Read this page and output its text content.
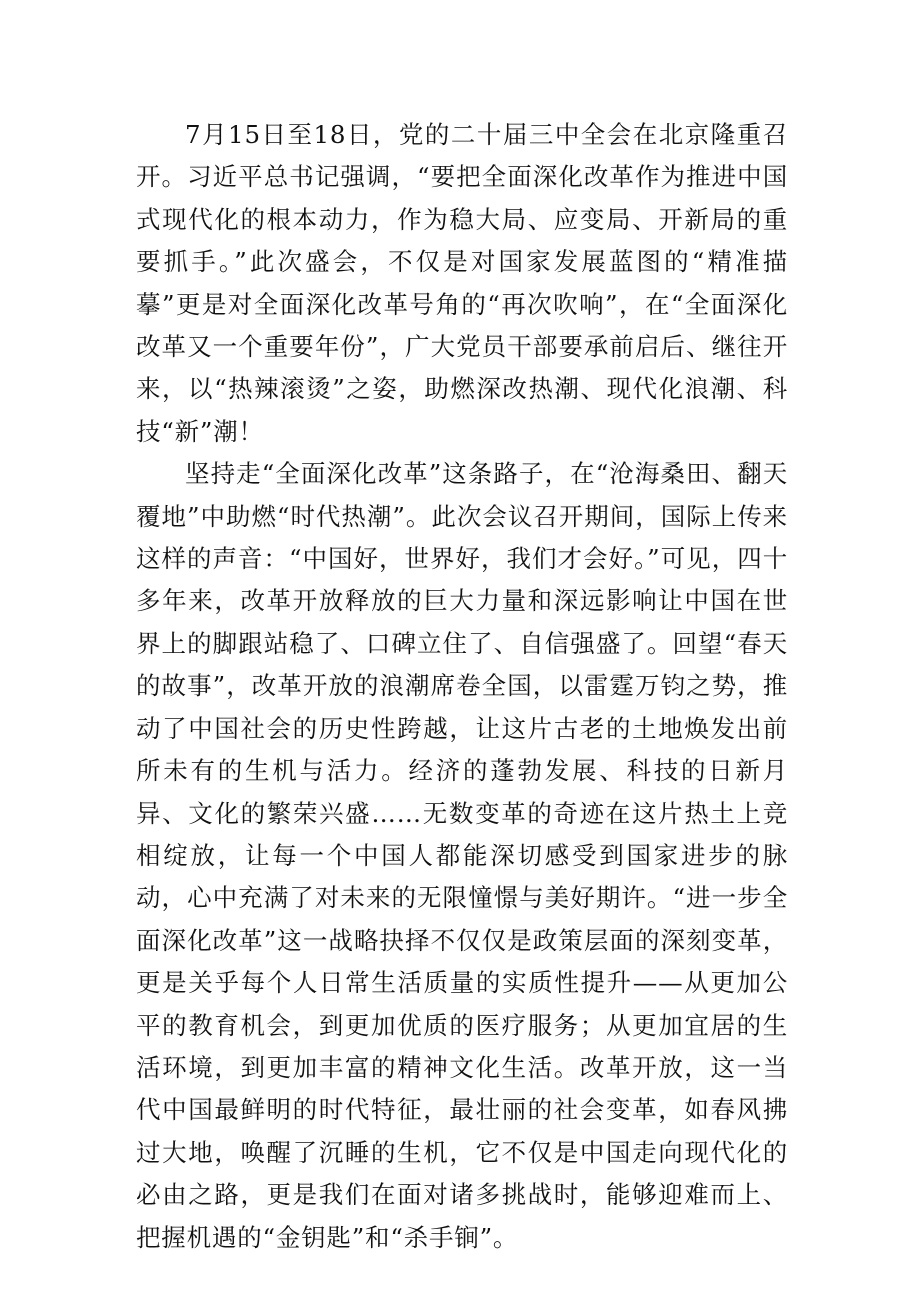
7月15日至18日，党的二十届三中全会在北京隆重召开。习近平总书记强调，“要把全面深化改革作为推进中国式现代化的根本动力，作为稳大局、应变局、开新局的重要抓手。”此次盛会，不仅是对国家发展蓝图的“精准描摹”更是对全面深化改革号角的“再次吹响”，在“全面深化改革又一个重要年份”，广大党员干部要承前启后、继往开来，以“热辣滚烫”之姿，助燃深改热潮、现代化浪潮、科技“新”潮！

坚持走“全面深化改革”这条路子，在“沧海桑田、翻天覆地”中助燃“时代热潮”。此次会议召开期间，国际上传来这样的声音：“中国好，世界好，我们才会好。”可见，四十多年来，改革开放释放的巨大力量和深远影响让中国在世界上的脚跟站稳了、口碑立住了、自信强盛了。回望“春天的故事”，改革开放的浪潮席卷全国，以雷霆万钧之势，推动了中国社会的历史性跨越，让这片古老的土地焕发出前所未有的生机与活力。经济的蓬勃发展、科技的日新月异、文化的繁荣兴盛……无数变革的奇迹在这片热土上竞相绽放，让每一个中国人都能深切感受到国家进步的脉动，心中充满了对未来的无限憧憬与美好期许。“进一步全面深化改革”这一战略抉择不仅仅是政策层面的深刻变革，更是关乎每个人日常生活质量的实质性提升——从更加公平的教育机会，到更加优质的医疗服务；从更加宜居的生活环境，到更加丰富的精神文化生活。改革开放，这一当代中国最鲜明的时代特征，最壮丽的社会变革，如春风拂过大地，唤醒了沉睡的生机，它不仅是中国走向现代化的必由之路，更是我们在面对诸多挑战时，能够迎难而上、把握机遇的“金钥匙”和“杀手锏”。
